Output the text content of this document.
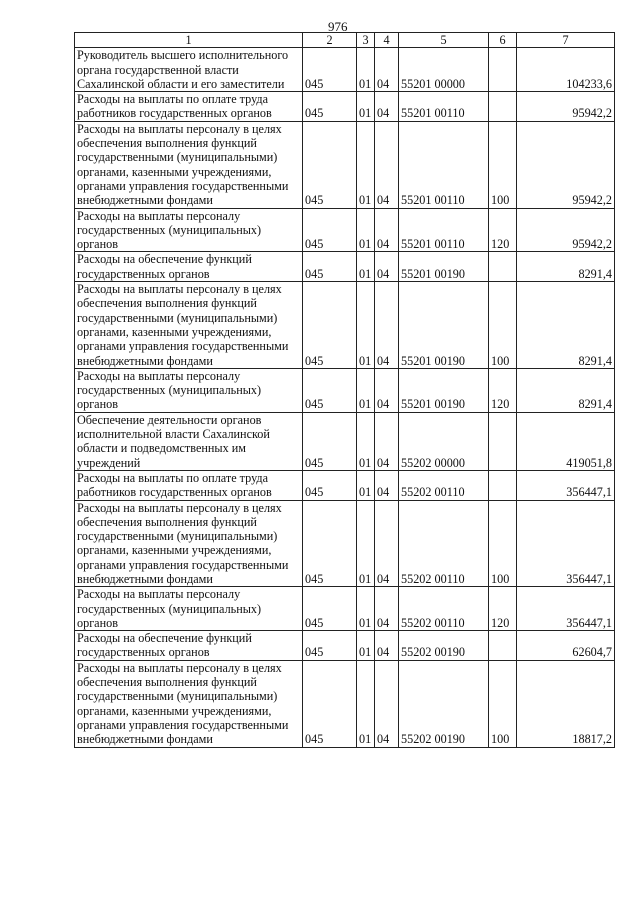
976
1	2	3	4	5	6	7
Руководитель высшего исполнительного органа государственной власти Сахалинской области и его заместители	045	01	04	55201 00000		104233,6
Расходы на выплаты по оплате труда работников государственных органов	045	01	04	55201 00110		95942,2
Расходы на выплаты персоналу в целях обеспечения выполнения функций государственными (муниципальными) органами, казенными учреждениями, органами управления государственными внебюджетными фондами	045	01	04	55201 00110	100	95942,2
Расходы на выплаты персоналу государственных (муниципальных) органов	045	01	04	55201 00110	120	95942,2
Расходы на обеспечение функций государственных органов	045	01	04	55201 00190		8291,4
Расходы на выплаты персоналу в целях обеспечения выполнения функций государственными (муниципальными) органами, казенными учреждениями, органами управления государственными внебюджетными фондами	045	01	04	55201 00190	100	8291,4
Расходы на выплаты персоналу государственных (муниципальных) органов	045	01	04	55201 00190	120	8291,4
Обеспечение деятельности органов исполнительной власти Сахалинской области и подведомственных им учреждений	045	01	04	55202 00000		419051,8
Расходы на выплаты по оплате труда работников государственных органов	045	01	04	55202 00110		356447,1
Расходы на выплаты персоналу в целях обеспечения выполнения функций государственными (муниципальными) органами, казенными учреждениями, органами управления государственными внебюджетными фондами	045	01	04	55202 00110	100	356447,1
Расходы на выплаты персоналу государственных (муниципальных) органов	045	01	04	55202 00110	120	356447,1
Расходы на обеспечение функций государственных органов	045	01	04	55202 00190		62604,7
Расходы на выплаты персоналу в целях обеспечения выполнения функций государственными (муниципальными) органами, казенными учреждениями, органами управления государственными внебюджетными фондами	045	01	04	55202 00190	100	18817,2
